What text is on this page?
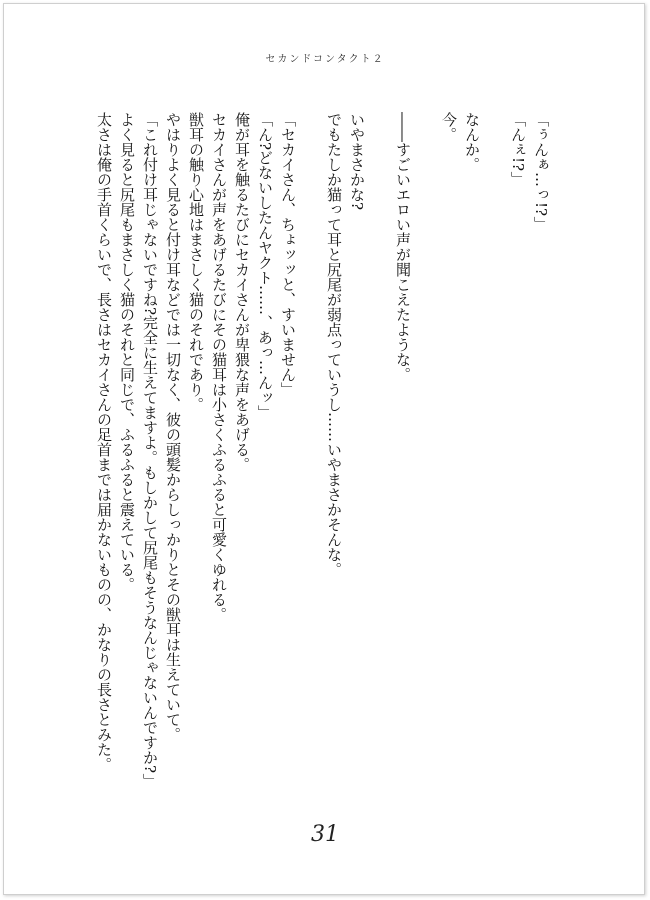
セカンドコンタクト２
「ぅんぁ…っ!?」
「んぇ!?」
なんか。
今。
――すごいエロい声が聞こえたような。
いやまさかな?
でもたしか猫って耳と尻尾が弱点っていうし……いやまさかそんな。
「セカイさん、ちょッッと、すいません」
「ん?どないしたんヤクト……、あっ…んッ」
俺が耳を触るたびにセカイさんが卑猥な声をあげる。
セカイさんが声をあげるたびにその猫耳は小さくふるふると可愛くゆれる。
獣耳の触り心地はまさしく猫のそれであり。
やはりよく見ると付け耳などでは一切なく、彼の頭髪からしっかりとその獣耳は生えていて。
「これ付け耳じゃないですね?完全に生えてますよ。もしかして尻尾もそうなんじゃないんですか?」
よく見ると尻尾もまさしく猫のそれと同じで、ふるふると震えている。
太さは俺の手首くらいで、長さはセカイさんの足首までは届かないものの、かなりの長さとみた。
31
